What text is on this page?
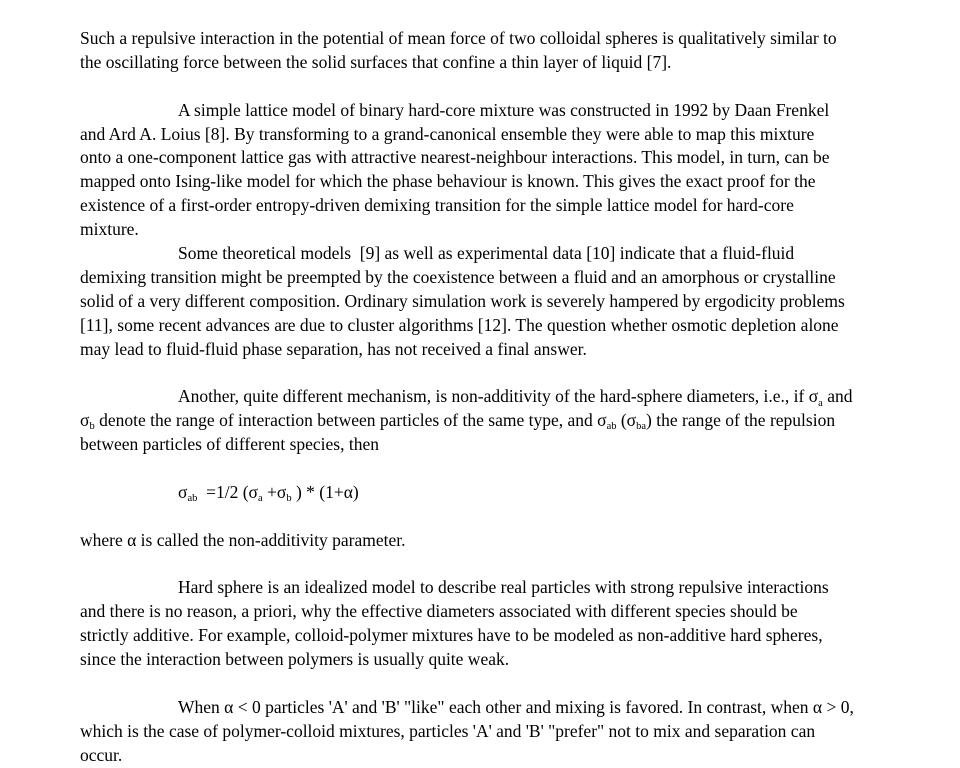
Such a repulsive interaction in the potential of mean force of two colloidal spheres is qualitatively similar to
the oscillating force between the solid surfaces that confine a thin layer of liquid [7].
A simple lattice model of binary hard-core mixture was constructed in 1992 by Daan Frenkel
and Ard A. Loius [8]. By transforming to a grand-canonical ensemble they were able to map this mixture
onto a one-component lattice gas with attractive nearest-neighbour interactions. This model, in turn, can be
mapped onto Ising-like model for which the phase behaviour is known. This gives the exact proof for the
existence of a first-order entropy-driven demixing transition for the simple lattice model for hard-core
mixture.
Some theoretical models  [9] as well as experimental data [10] indicate that a fluid-fluid
demixing transition might be preempted by the coexistence between a fluid and an amorphous or crystalline
solid of a very different composition. Ordinary simulation work is severely hampered by ergodicity problems
[11], some recent advances are due to cluster algorithms [12]. The question whether osmotic depletion alone
may lead to fluid-fluid phase separation, has not received a final answer.
Another, quite different mechanism, is non-additivity of the hard-sphere diameters, i.e., if $\sigma_a$ and
$\sigma_b$ denote the range of interaction between particles of the same type, and $\sigma_{ab}$ $(\sigma_{ba})$ the range of the repulsion
between particles of different species, then
$\sigma_{ab} =1/2$ ($\sigma_a +\sigma_b$ ) * (1+α)
where α is called the non-additivity parameter.
Hard sphere is an idealized model to describe real particles with strong repulsive interactions
and there is no reason, a priori, why the effective diameters associated with different species should be
strictly additive. For example, colloid-polymer mixtures have to be modeled as non-additive hard spheres,
since the interaction between polymers is usually quite weak.
When α < 0 particles 'A' and 'B' "like" each other and mixing is favored. In contrast, when α > 0,
which is the case of polymer-colloid mixtures, particles 'A' and 'B' "prefer" not to mix and separation can
occur.
